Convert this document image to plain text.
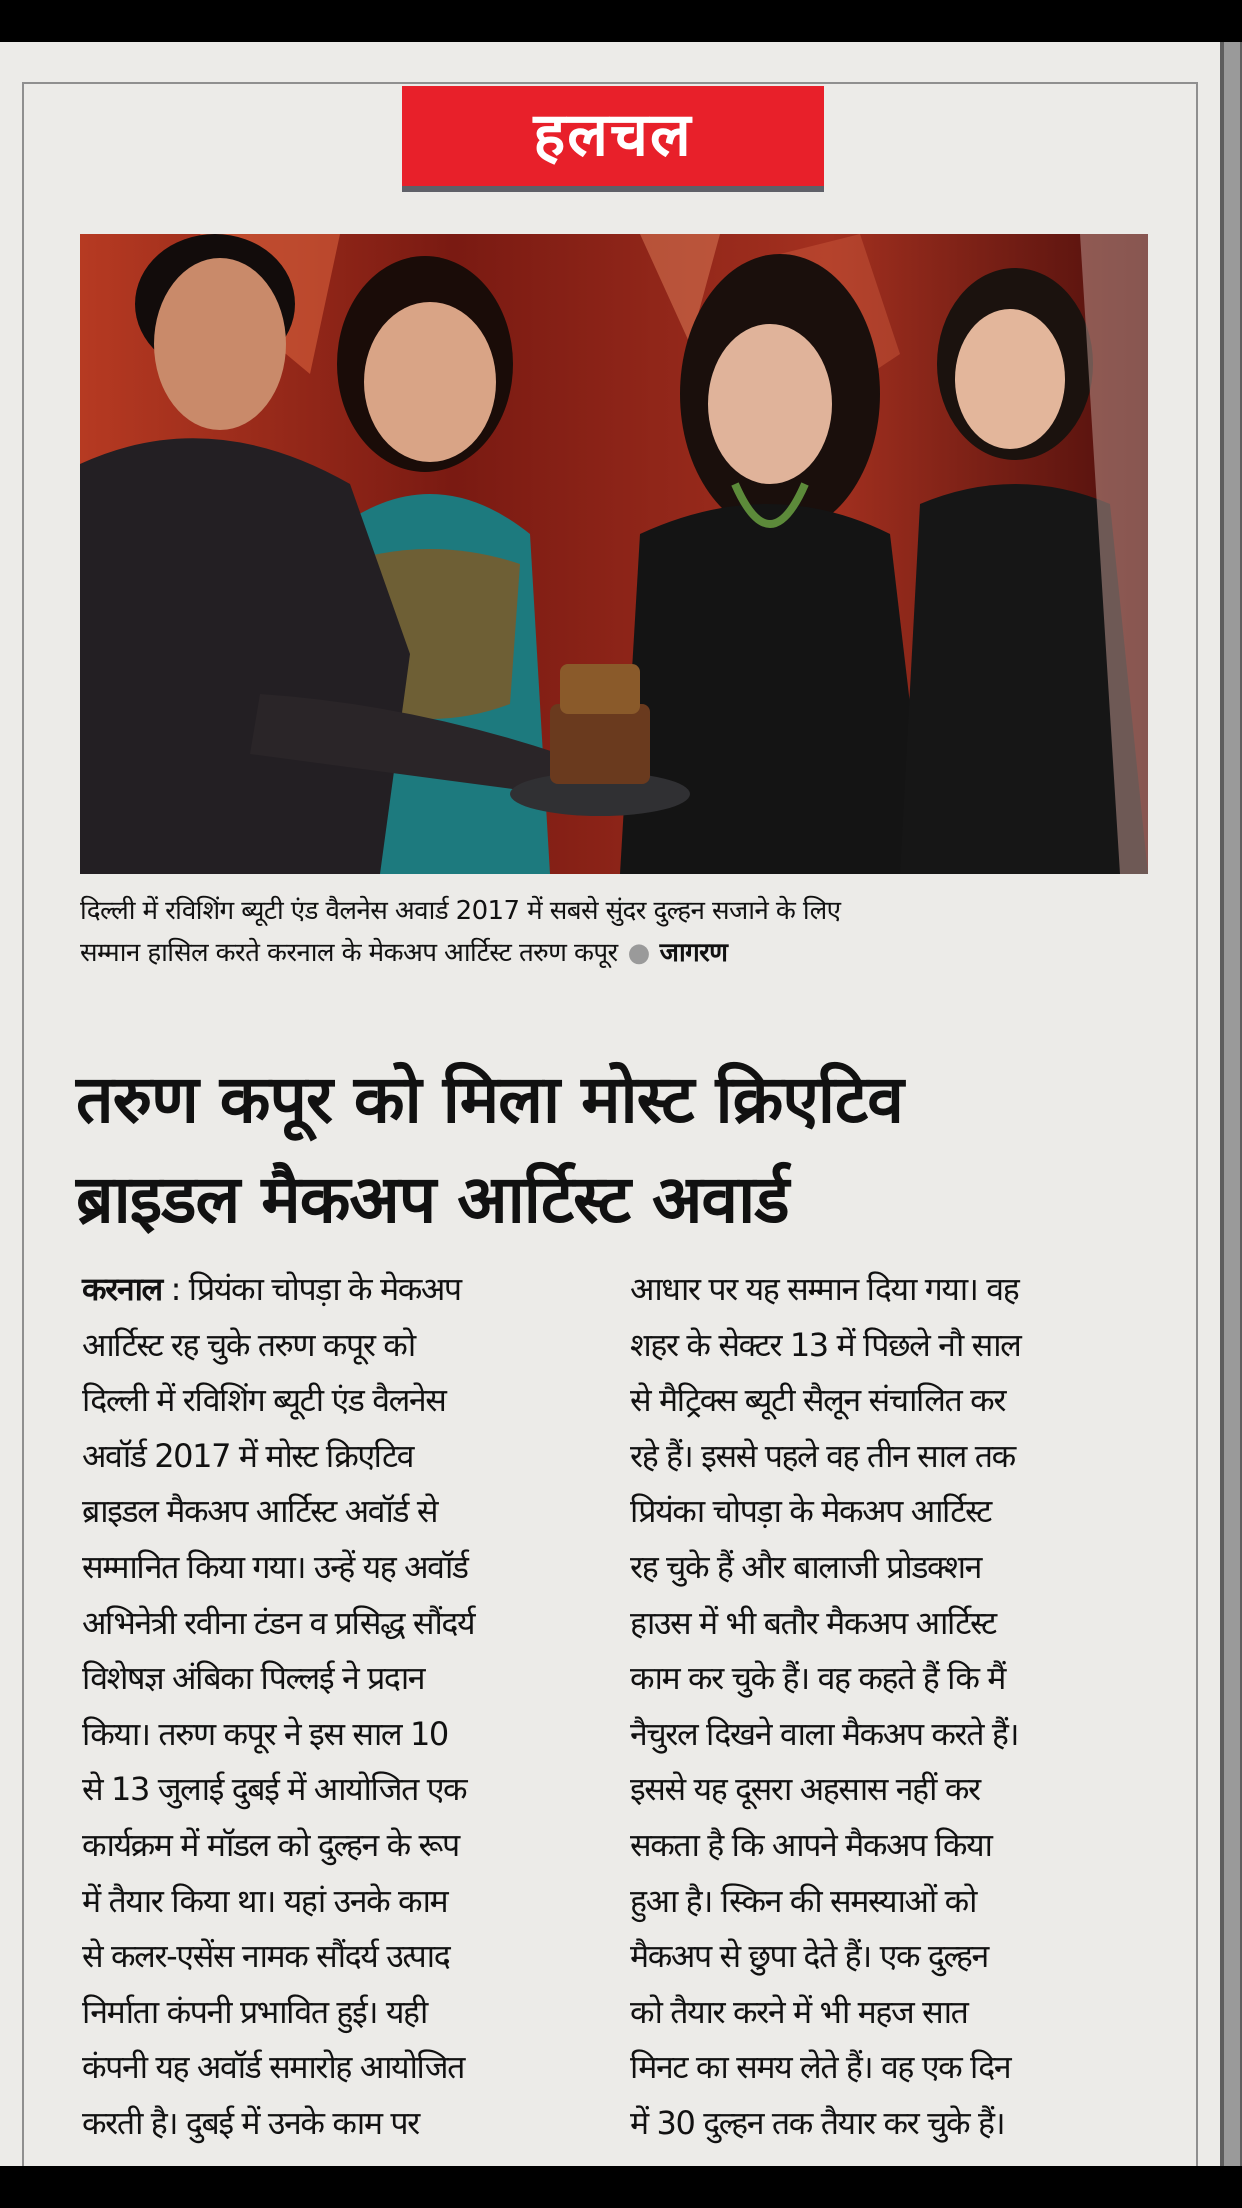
हलचल
दिल्ली में रविशिंग ब्यूटी एंड वैलनेस अवार्ड 2017 में सबसे सुंदर दुल्हन सजाने के लिए
सम्मान हासिल करते करनाल के मेकअप आर्टिस्ट तरुण कपूर ● जागरण
तरुण कपूर को मिला मोस्ट क्रिएटिव
ब्राइडल मैकअप आर्टिस्ट अवार्ड
करनाल : प्रियंका चोपड़ा के मेकअप
आर्टिस्ट रह चुके तरुण कपूर को
दिल्ली में रविशिंग ब्यूटी एंड वैलनेस
अवॉर्ड 2017 में मोस्ट क्रिएटिव
ब्राइडल मैकअप आर्टिस्ट अवॉर्ड से
सम्मानित किया गया। उन्हें यह अवॉर्ड
अभिनेत्री रवीना टंडन व प्रसिद्ध सौंदर्य
विशेषज्ञ अंबिका पिल्लई ने प्रदान
किया। तरुण कपूर ने इस साल 10
से 13 जुलाई दुबई में आयोजित एक
कार्यक्रम में मॉडल को दुल्हन के रूप
में तैयार किया था। यहां उनके काम
से कलर-एसेंस नामक सौंदर्य उत्पाद
निर्माता कंपनी प्रभावित हुई। यही
कंपनी यह अवॉर्ड समारोह आयोजित
करती है। दुबई में उनके काम पर
आधार पर यह सम्मान दिया गया। वह
शहर के सेक्टर 13 में पिछले नौ साल
से मैट्रिक्स ब्यूटी सैलून संचालित कर
रहे हैं। इससे पहले वह तीन साल तक
प्रियंका चोपड़ा के मेकअप आर्टिस्ट
रह चुके हैं और बालाजी प्रोडक्शन
हाउस में भी बतौर मैकअप आर्टिस्ट
काम कर चुके हैं। वह कहते हैं कि मैं
नैचुरल दिखने वाला मैकअप करते हैं।
इससे यह दूसरा अहसास नहीं कर
सकता है कि आपने मैकअप किया
हुआ है। स्किन की समस्याओं को
मैकअप से छुपा देते हैं। एक दुल्हन
को तैयार करने में भी महज सात
मिनट का समय लेते हैं। वह एक दिन
में 30 दुल्हन तक तैयार कर चुके हैं।
